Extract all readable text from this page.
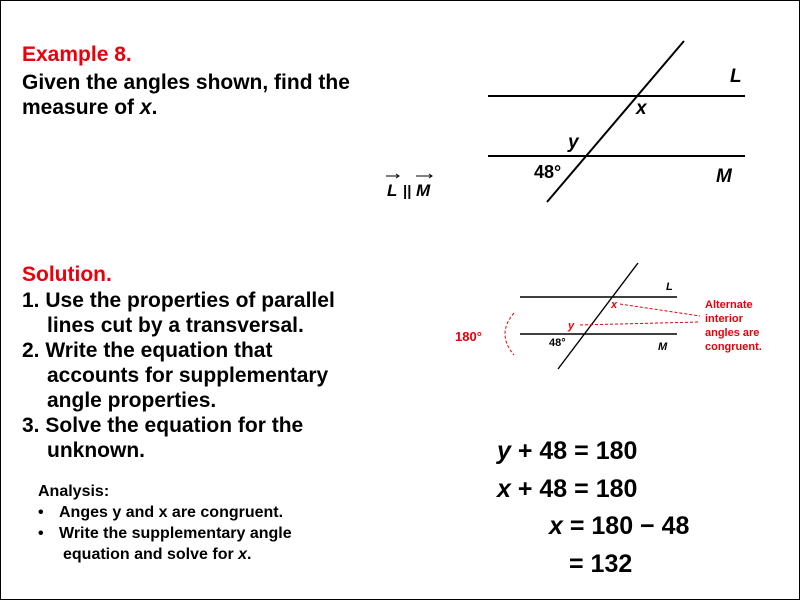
Example 8.
Given the angles shown, find the
measure of x.
L
x
y
48°	M
L || M
L
x
y
48°	M
180°
Alternate
interior
angles are
congruent.
Solution.
1. Use the properties of parallel
lines cut by a transversal.
2. Write the equation that
accounts for supplementary
angle properties.
3. Solve the equation for the
unknown.
Analysis:
• Anges y and x are congruent.
• Write the supplementary angle
equation and solve for x.
y + 48 = 180
x + 48 = 180
x = 180 − 48
= 132
